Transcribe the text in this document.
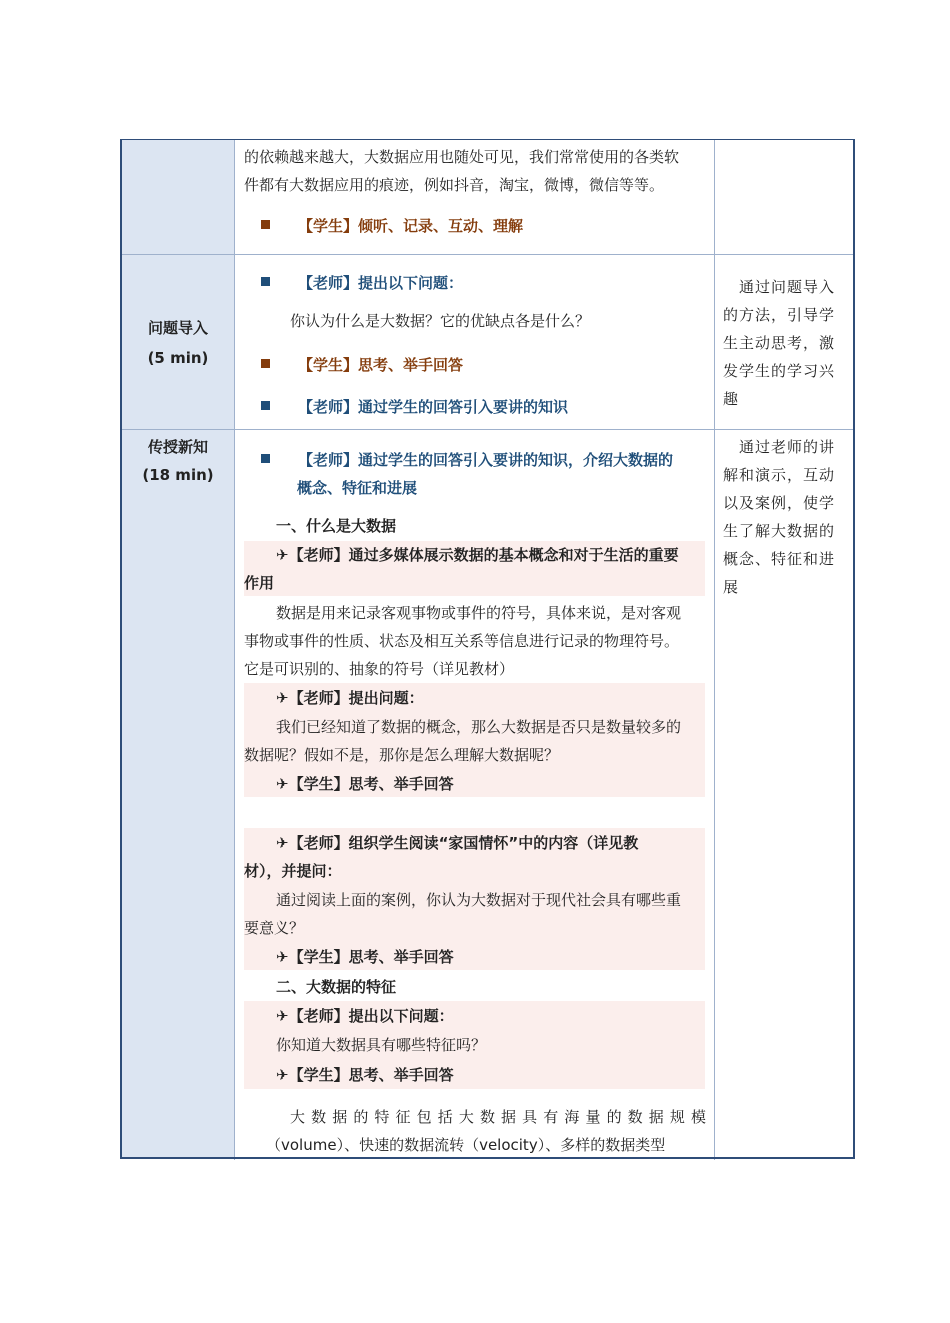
的依赖越来越大，大数据应用也随处可见，我们常常使用的各类软
件都有大数据应用的痕迹，例如抖音，淘宝，微博，微信等等。
【学生】倾听、记录、互动、理解
问题导入
(5 min)
【老师】提出以下问题：
你认为什么是大数据？它的优缺点各是什么？
【学生】思考、举手回答
【老师】通过学生的回答引入要讲的知识
通过问题导入
的方法，引导学
生主动思考，激
发学生的学习兴
趣
传授新知
(18 min)
通过老师的讲
解和演示，互动
以及案例，使学
生了解大数据的
概念、特征和进
展
【老师】通过学生的回答引入要讲的知识，介绍大数据的
概念、特征和进展
一、什么是大数据
✈【老师】通过多媒体展示数据的基本概念和对于生活的重要
作用
数据是用来记录客观事物或事件的符号，具体来说，是对客观
事物或事件的性质、状态及相互关系等信息进行记录的物理符号。
它是可识别的、抽象的符号（详见教材）
✈【老师】提出问题：
我们已经知道了数据的概念，那么大数据是否只是数量较多的
数据呢？假如不是，那你是怎么理解大数据呢？
✈【学生】思考、举手回答
✈【老师】组织学生阅读“家国情怀”中的内容（详见教
材），并提问：
通过阅读上面的案例，你认为大数据对于现代社会具有哪些重
要意义？
✈【学生】思考、举手回答
二、大数据的特征
✈【老师】提出以下问题：
你知道大数据具有哪些特征吗？
✈【学生】思考、举手回答
大数据的特征包括大数据具有海量的数据规模
（volume）、快速的数据流转（velocity）、多样的数据类型
